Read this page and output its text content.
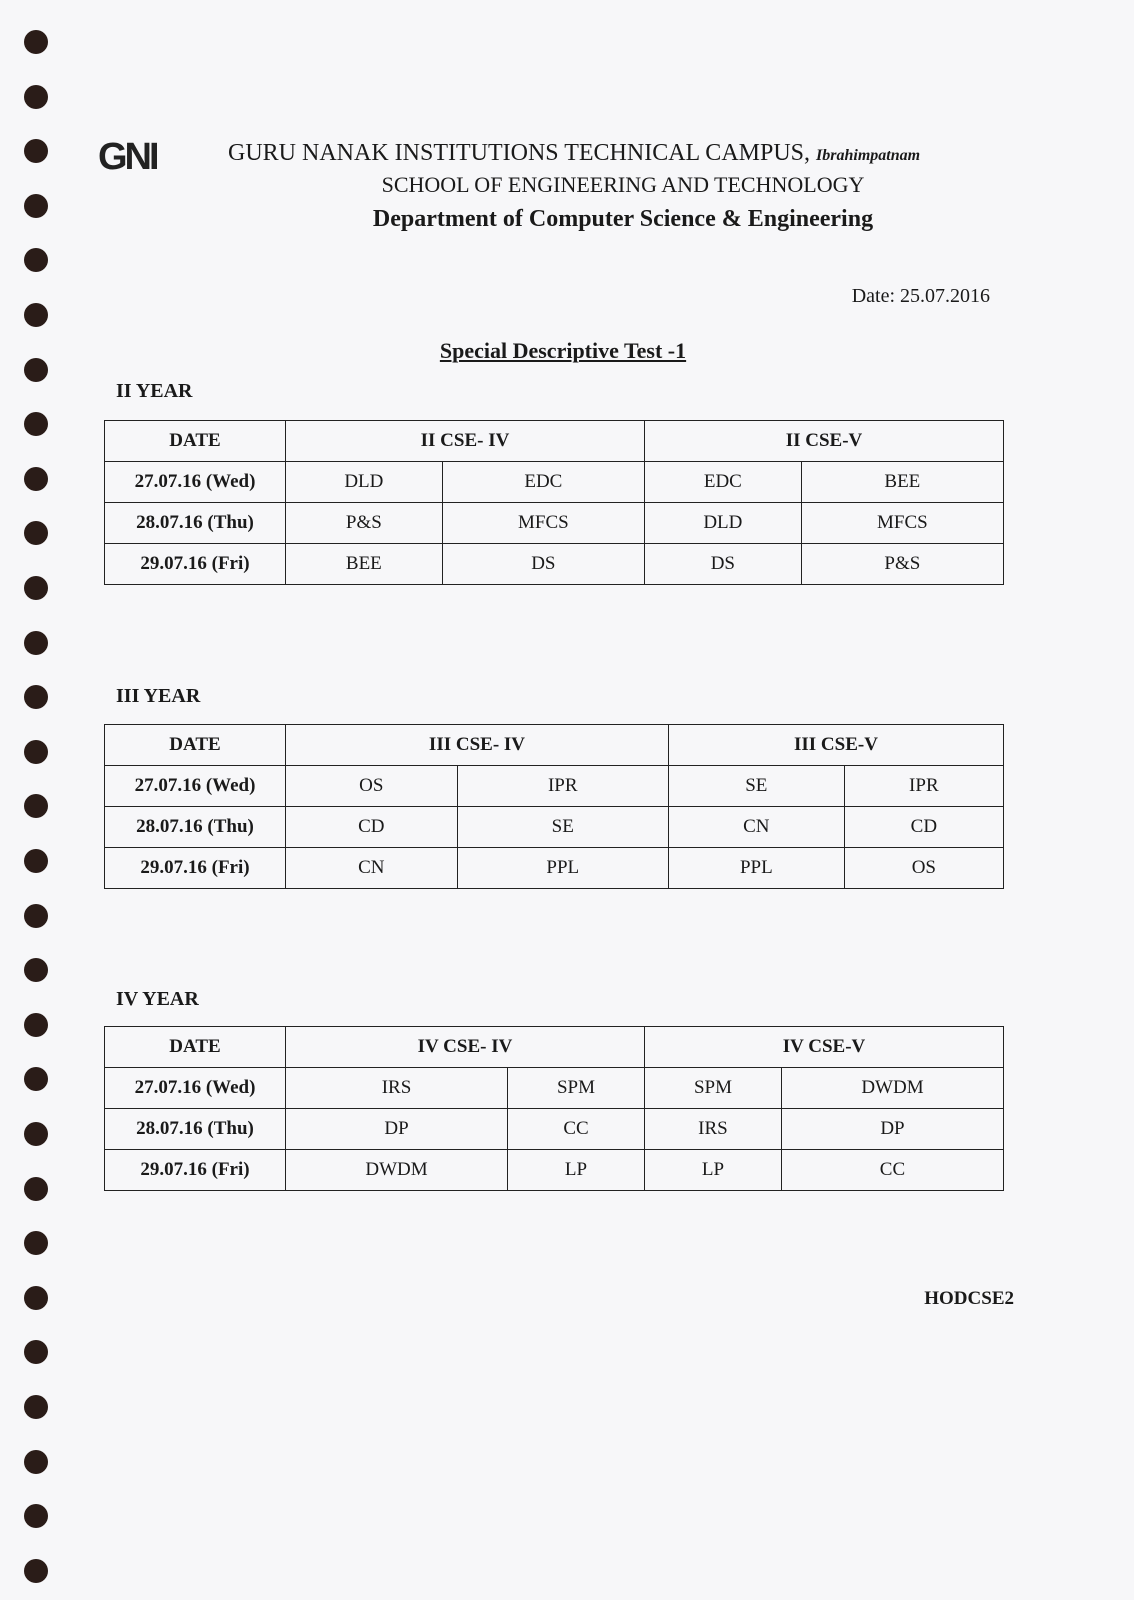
GNI	GURU NANAK INSTITUTIONS TECHNICAL CAMPUS, Ibrahimpatnam
SCHOOL OF ENGINEERING AND TECHNOLOGY
Department of Computer Science & Engineering
Date: 25.07.2016
Special Descriptive Test -1
II YEAR
DATE	II CSE- IV		II CSE-V	
27.07.16 (Wed)	DLD	EDC	EDC	BEE
28.07.16 (Thu)	P&S	MFCS	DLD	MFCS
29.07.16 (Fri)	BEE	DS	DS	P&S
III YEAR
DATE	III CSE- IV		III CSE-V	
27.07.16 (Wed)	OS	IPR	SE	IPR
28.07.16 (Thu)	CD	SE	CN	CD
29.07.16 (Fri)	CN	PPL	PPL	OS
IV YEAR
DATE	IV CSE- IV		IV CSE-V	
27.07.16 (Wed)	IRS	SPM	SPM	DWDM
28.07.16 (Thu)	DP	CC	IRS	DP
29.07.16 (Fri)	DWDM	LP	LP	CC
HODCSE2
